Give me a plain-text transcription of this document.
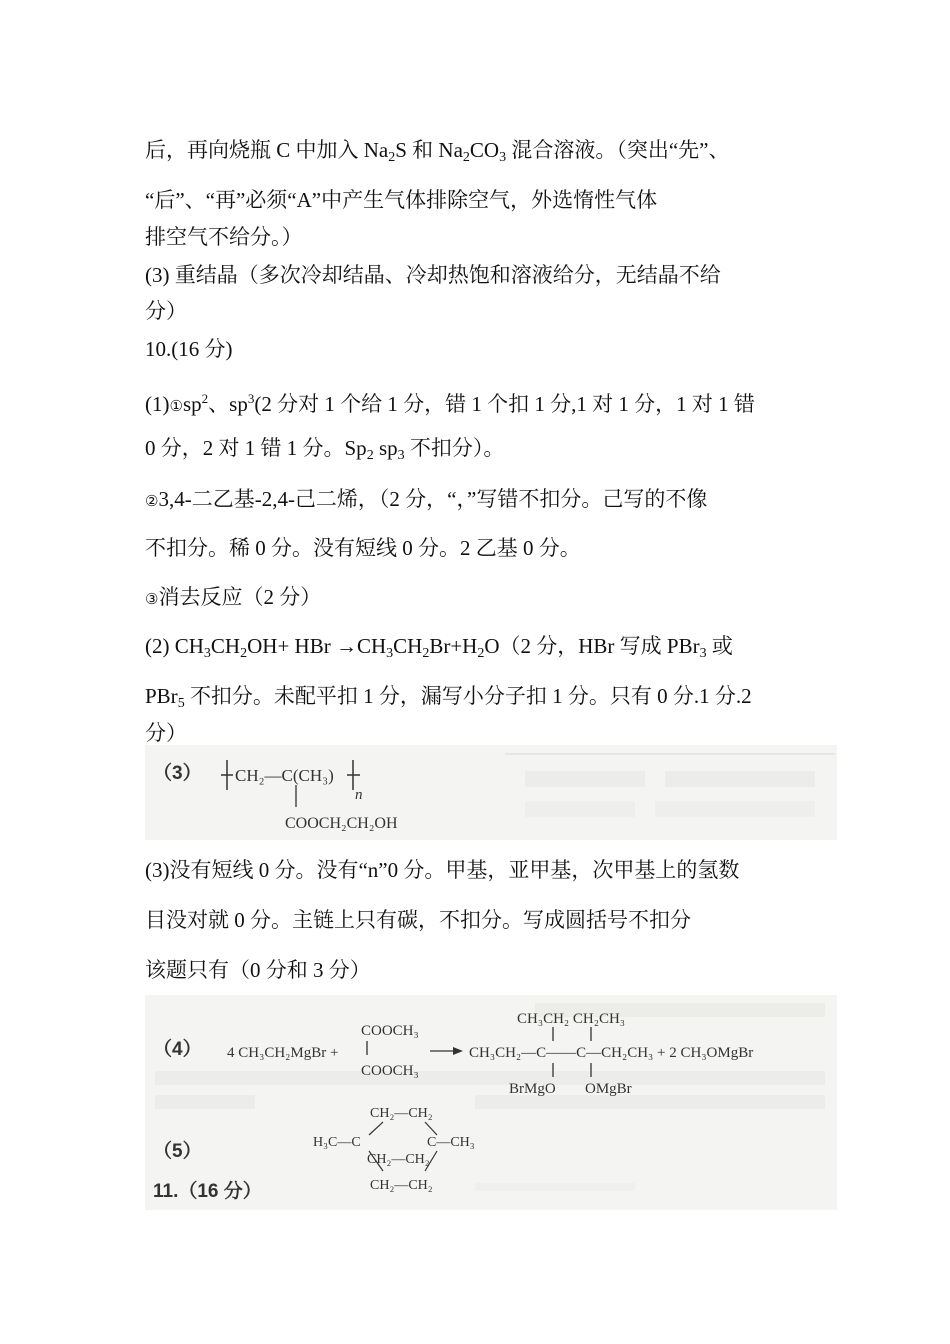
后，再向烧瓶 C 中加入 Na2S 和 Na2CO3 混合溶液。（突出“先”、
“后”、“再”必须“A”中产生气体排除空气，外选惰性气体
排空气不给分。）
(3) 重结晶（多次冷却结晶、冷却热饱和溶液给分，无结晶不给
分）
10.(16 分)
$(1)①sp^2$、$sp^3(2$ 分对 1 个给 1 分，错 1 个扣 1 分,1 对 1 分，1 对 1 错
0 分，2 对 1 错 1 分。Sp2 sp3 不扣分）。
②3,4-二乙基-2,4-己二烯，（2 分，“，”写错不扣分。己写的不像
不扣分。稀 0 分。没有短线 0 分。2 乙基 0 分。
③消去反应（2 分）
(2) CH3CH2OH+ HBr →CH3CH2Br+H2O（2 分，HBr 写成 PBr3 或
PBr5 不扣分。未配平扣 1 分，漏写小分子扣 1 分。只有 0 分.1 分.2
分）
（3） CH₂—C(CH₃)
n
COOCH₂CH₂OH
(3)没有短线 0 分。没有“n”0 分。甲基，亚甲基，次甲基上的氢数
目没对就 0 分。主链上只有碳，不扣分。写成圆括号不扣分
该题只有（0 分和 3 分）
（4） 4 CH₃CH₂MgBr +
COOCH₃
COOCH₃
CH₃CH₂ CH₂CH₃
CH₃CH₂—C——C—CH₂CH₃ + 2 CH₃OMgBr
BrMgO OMgBr
（5）
CH₂—CH₂
H₃C—C
CH₂—CH₂
C—CH₃
CH₂—CH₂
11.（16 分）
